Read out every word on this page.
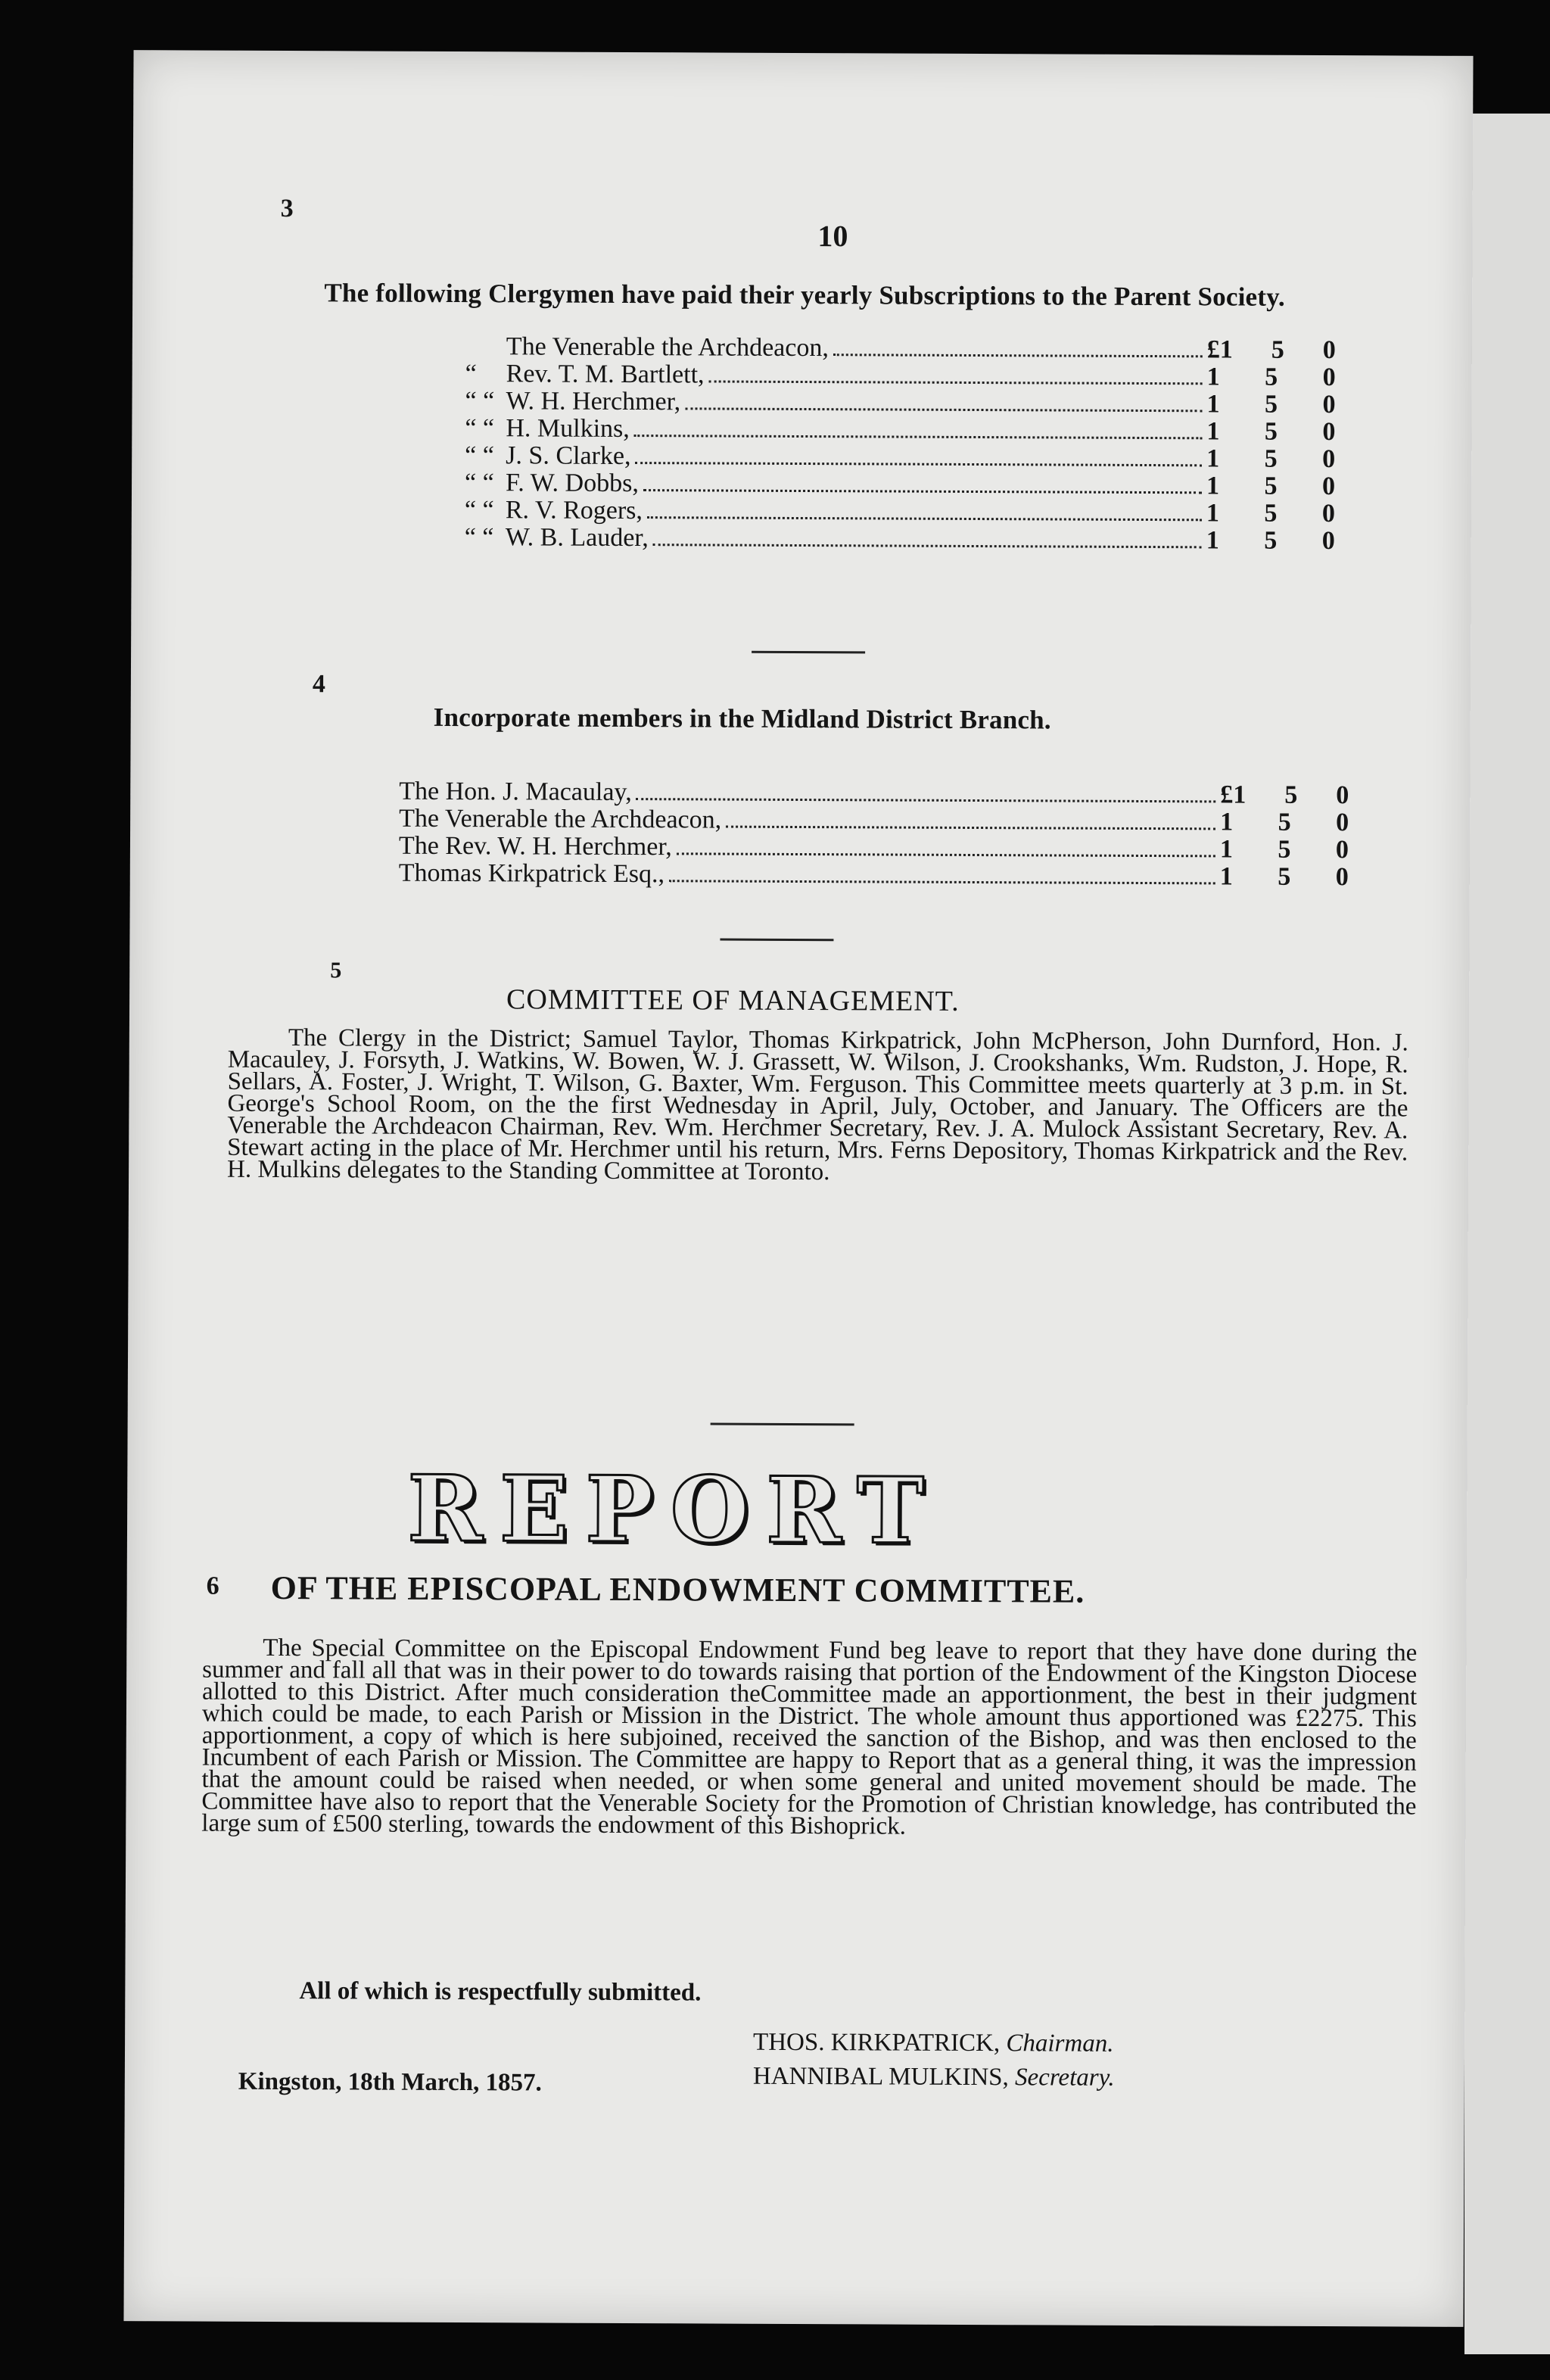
3
10
The following Clergymen have paid their yearly Subscriptions to the Parent Society.
The Venerable the Archdeacon,	£1 5 0
“	Rev. T. M. Bartlett,	1 5 0
“ “ W. H. Herchmer,	1 5 0
“ “ H. Mulkins,	1 5 0
“ “ J. S. Clarke,	1 5 0
“ “ F. W. Dobbs,	1 5 0
“ “ R. V. Rogers,	1 5 0
“ “ W. B. Lauder,	1 5 0
4
Incorporate members in the Midland District Branch.
The Hon. J. Macaulay,	£1 5 0
The Venerable the Archdeacon,	1 5 0
The Rev. W. H. Herchmer,	1 5 0
Thomas Kirkpatrick Esq.,	1 5 0
5
COMMITTEE OF MANAGEMENT.
The Clergy in the District; Samuel Taylor, Thomas Kirkpatrick, John McPherson, John Durnford, Hon. J. Macauley, J. Forsyth, J. Watkins, W. Bowen, W. J. Grassett, W. Wilson, J. Crookshanks, Wm. Rudston, J. Hope, R. Sellars, A. Foster, J. Wright, T. Wilson, G. Baxter, Wm. Ferguson. This Committee meets quarterly at 3 p.m. in St. George's School Room, on the the first Wednesday in April, July, October, and January. The Officers are the Venerable the Archdeacon Chairman, Rev. Wm. Herchmer Secretary, Rev. J. A. Mulock Assistant Secretary, Rev. A. Stewart acting in the place of Mr. Herchmer until his return, Mrs. Ferns Depository, Thomas Kirkpatrick and the Rev. H. Mulkins delegates to the Standing Committee at Toronto.
REPORT
6 OF THE EPISCOPAL ENDOWMENT COMMITTEE.
The Special Committee on the Episcopal Endowment Fund beg leave to report that they have done during the summer and fall all that was in their power to do towards raising that portion of the Endowment of the Kingston Diocese allotted to this District. After much consideration theCommittee made an apportionment, the best in their judgment which could be made, to each Parish or Mission in the District. The whole amount thus apportioned was £2275. This apportionment, a copy of which is here subjoined, received the sanction of the Bishop, and was then enclosed to the Incumbent of each Parish or Mission. The Committee are happy to Report that as a general thing, it was the impression that the amount could be raised when needed, or when some general and united movement should be made. The Committee have also to report that the Venerable Society for the Promotion of Christian knowledge, has contributed the large sum of £500 sterling, towards the endowment of this Bishoprick.
All of which is respectfully submitted.
THOS. KIRKPATRICK, Chairman.
HANNIBAL MULKINS, Secretary.
Kingston, 18th March, 1857.
